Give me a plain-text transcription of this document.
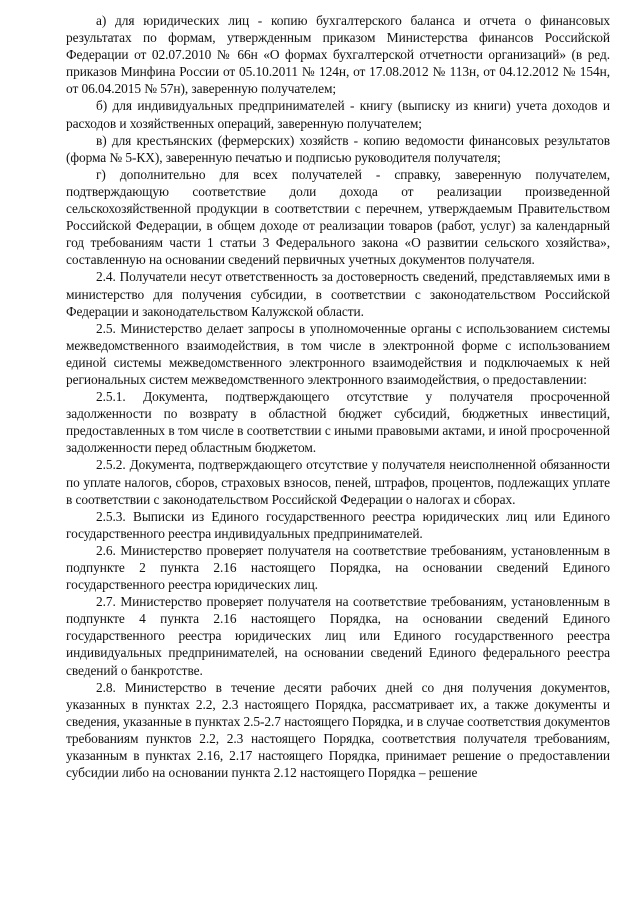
а) для юридических лиц - копию бухгалтерского баланса и отчета о финансовых результатах по формам, утвержденным приказом Министерства финансов Российской Федерации от 02.07.2010 № 66н «О формах бухгалтерской отчетности организаций» (в ред. приказов Минфина России от 05.10.2011 № 124н, от 17.08.2012 № 113н, от 04.12.2012 № 154н, от 06.04.2015 № 57н), заверенную получателем;

б) для индивидуальных предпринимателей - книгу (выписку из книги) учета доходов и расходов и хозяйственных операций, заверенную получателем;

в) для крестьянских (фермерских) хозяйств - копию ведомости финансовых результатов (форма № 5-КХ), заверенную печатью и подписью руководителя получателя;

г) дополнительно для всех получателей - справку, заверенную получателем, подтверждающую соответствие доли дохода от реализации произведенной сельскохозяйственной продукции в соответствии с перечнем, утверждаемым Правительством Российской Федерации, в общем доходе от реализации товаров (работ, услуг) за календарный год требованиям части 1 статьи 3 Федерального закона «О развитии сельского хозяйства», составленную на основании сведений первичных учетных документов получателя.

2.4. Получатели несут ответственность за достоверность сведений, представляемых ими в министерство для получения субсидии, в соответствии с законодательством Российской Федерации и законодательством Калужской области.

2.5. Министерство делает запросы в уполномоченные органы с использованием системы межведомственного взаимодействия, в том числе в электронной форме с использованием единой системы межведомственного электронного взаимодействия и подключаемых к ней региональных систем межведомственного электронного взаимодействия, о предоставлении:

2.5.1. Документа, подтверждающего отсутствие у получателя просроченной задолженности по возврату в областной бюджет субсидий, бюджетных инвестиций, предоставленных в том числе в соответствии с иными правовыми актами, и иной просроченной задолженности перед областным бюджетом.

2.5.2. Документа, подтверждающего отсутствие у получателя неисполненной обязанности по уплате налогов, сборов, страховых взносов, пеней, штрафов, процентов, подлежащих уплате в соответствии с законодательством Российской Федерации о налогах и сборах.

2.5.3. Выписки из Единого государственного реестра юридических лиц или Единого государственного реестра индивидуальных предпринимателей.

2.6. Министерство проверяет получателя на соответствие требованиям, установленным в подпункте 2 пункта 2.16 настоящего Порядка, на основании сведений Единого государственного реестра юридических лиц.

2.7. Министерство проверяет получателя на соответствие требованиям, установленным в подпункте 4 пункта 2.16 настоящего Порядка, на основании сведений Единого государственного реестра юридических лиц или Единого государственного реестра индивидуальных предпринимателей, на основании сведений Единого федерального реестра сведений о банкротстве.

2.8. Министерство в течение десяти рабочих дней со дня получения документов, указанных в пунктах 2.2, 2.3 настоящего Порядка, рассматривает их, а также документы и сведения, указанные в пунктах 2.5-2.7 настоящего Порядка, и в случае соответствия документов требованиям пунктов 2.2, 2.3 настоящего Порядка, соответствия получателя требованиям, указанным в пунктах 2.16, 2.17 настоящего Порядка, принимает решение о предоставлении субсидии либо на основании пункта 2.12 настоящего Порядка – решение
